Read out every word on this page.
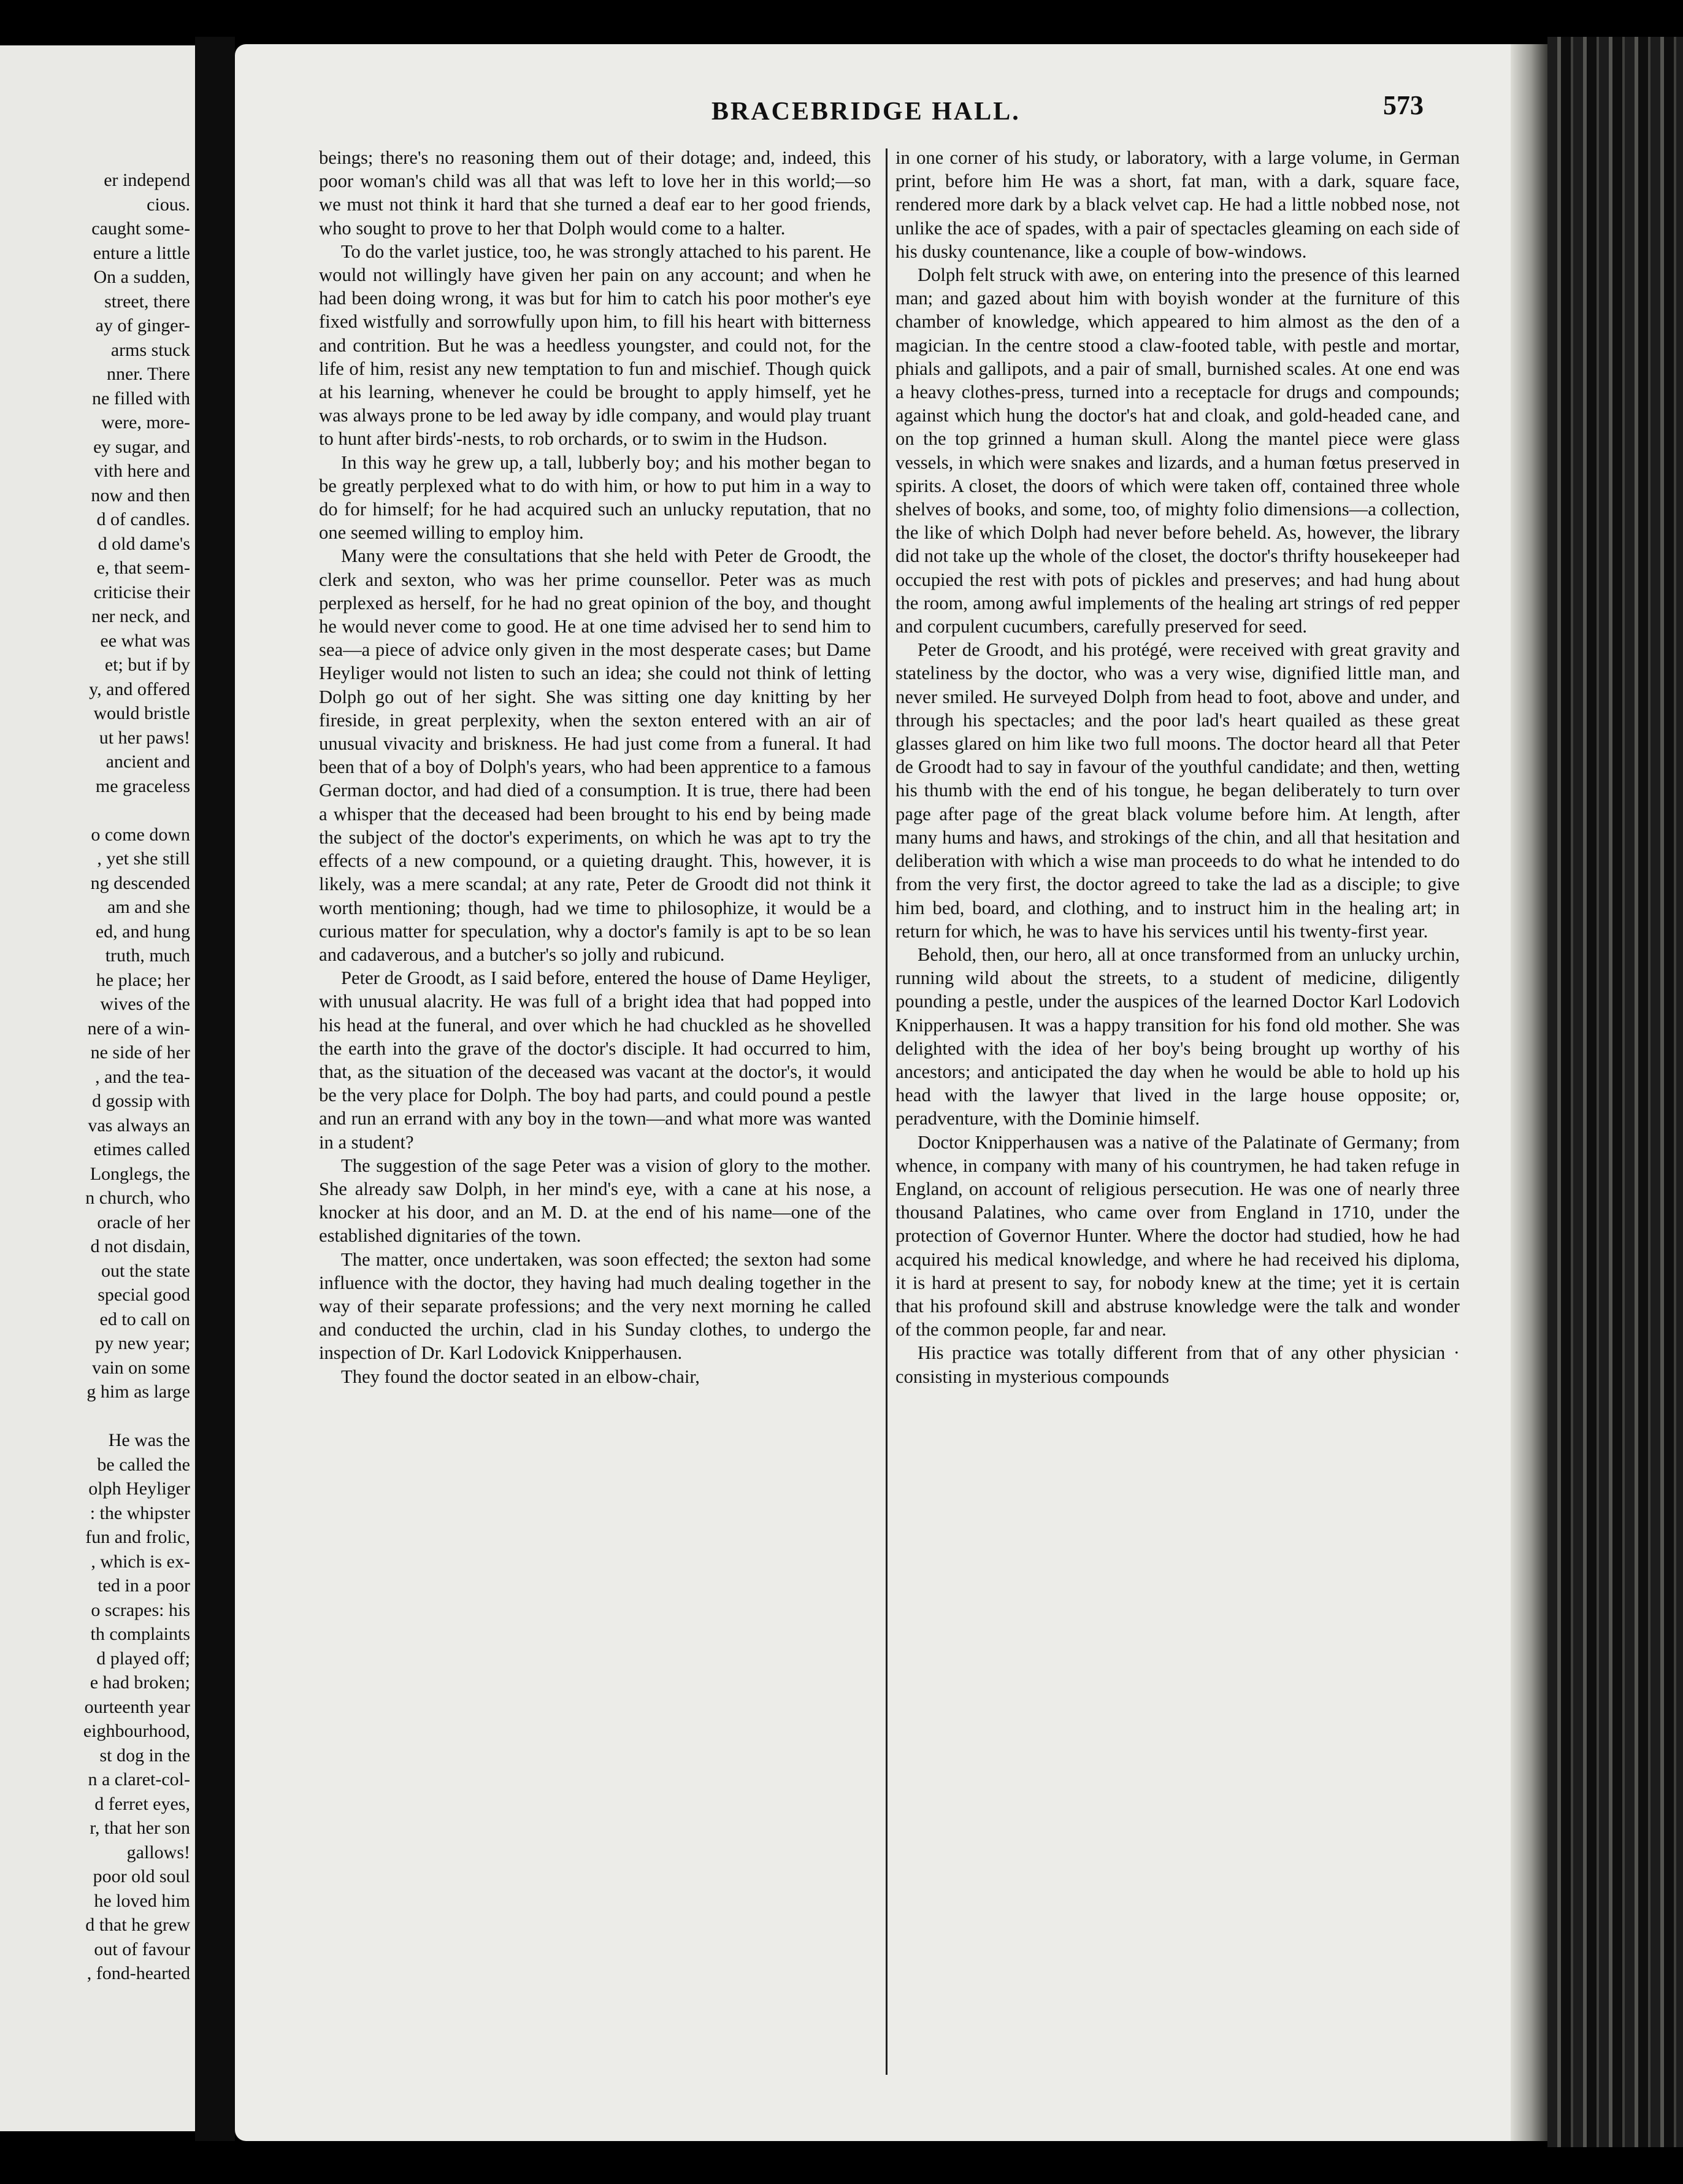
er independ
cious.
caught some-
enture a little
On a sudden,
street, there
ay of ginger-
arms stuck
nner. There
ne filled with
were, more-
ey sugar, and
vith here and
now and then
d of candles.
d old dame's
e, that seem-
criticise their
ner neck, and
ee what was
et; but if by
y, and offered
would bristle
ut her paws!
ancient and
me graceless

o come down
, yet she still
ng descended
am and she
ed, and hung
truth, much
he place; her
wives of the
nere of a win-
ne side of her
, and the tea-
d gossip with
vas always an
etimes called
Longlegs, the
n church, who
oracle of her
d not disdain,
out the state
special good
ed to call on
py new year;
vain on some
g him as large

He was the
be called the
olph Heyliger
: the whipster
fun and frolic,
, which is ex-
ted in a poor
o scrapes: his
th complaints
d played off;
e had broken;
ourteenth year
eighbourhood,
st dog in the
n a claret-col-
d ferret eyes,
r, that her son
gallows!
poor old soul
he loved him
d that he grew
out of favour
, fond-hearted
BRACEBRIDGE HALL.	573

beings; there's no reasoning them out of their dotage; and, indeed, this poor woman's child was all that was left to love her in this world;—so we must not think it hard that she turned a deaf ear to her good friends, who sought to prove to her that Dolph would come to a halter.

To do the varlet justice, too, he was strongly attached to his parent. He would not willingly have given her pain on any account; and when he had been doing wrong, it was but for him to catch his poor mother's eye fixed wistfully and sorrowfully upon him, to fill his heart with bitterness and contrition. But he was a heedless youngster, and could not, for the life of him, resist any new temptation to fun and mischief. Though quick at his learning, whenever he could be brought to apply himself, yet he was always prone to be led away by idle company, and would play truant to hunt after birds'-nests, to rob orchards, or to swim in the Hudson.

In this way he grew up, a tall, lubberly boy; and his mother began to be greatly perplexed what to do with him, or how to put him in a way to do for himself; for he had acquired such an unlucky reputation, that no one seemed willing to employ him.

Many were the consultations that she held with Peter de Groodt, the clerk and sexton, who was her prime counsellor. Peter was as much perplexed as herself, for he had no great opinion of the boy, and thought he would never come to good. He at one time advised her to send him to sea—a piece of advice only given in the most desperate cases; but Dame Heyliger would not listen to such an idea; she could not think of letting Dolph go out of her sight. She was sitting one day knitting by her fireside, in great perplexity, when the sexton entered with an air of unusual vivacity and briskness. He had just come from a funeral. It had been that of a boy of Dolph's years, who had been apprentice to a famous German doctor, and had died of a consumption. It is true, there had been a whisper that the deceased had been brought to his end by being made the subject of the doctor's experiments, on which he was apt to try the effects of a new compound, or a quieting draught. This, however, it is likely, was a mere scandal; at any rate, Peter de Groodt did not think it worth mentioning; though, had we time to philosophize, it would be a curious matter for speculation, why a doctor's family is apt to be so lean and cadaverous, and a butcher's so jolly and rubicund.

Peter de Groodt, as I said before, entered the house of Dame Heyliger, with unusual alacrity. He was full of a bright idea that had popped into his head at the funeral, and over which he had chuckled as he shovelled the earth into the grave of the doctor's disciple. It had occurred to him, that, as the situation of the deceased was vacant at the doctor's, it would be the very place for Dolph. The boy had parts, and could pound a pestle and run an errand with any boy in the town—and what more was wanted in a student?

The suggestion of the sage Peter was a vision of glory to the mother. She already saw Dolph, in her mind's eye, with a cane at his nose, a knocker at his door, and an M. D. at the end of his name—one of the established dignitaries of the town.

The matter, once undertaken, was soon effected; the sexton had some influence with the doctor, they having had much dealing together in the way of their separate professions; and the very next morning he called and conducted the urchin, clad in his Sunday clothes, to undergo the inspection of Dr. Karl Lodovick Knipperhausen.

They found the doctor seated in an elbow-chair,

in one corner of his study, or laboratory, with a large volume, in German print, before him He was a short, fat man, with a dark, square face, rendered more dark by a black velvet cap. He had a little nobbed nose, not unlike the ace of spades, with a pair of spectacles gleaming on each side of his dusky countenance, like a couple of bow-windows.

Dolph felt struck with awe, on entering into the presence of this learned man; and gazed about him with boyish wonder at the furniture of this chamber of knowledge, which appeared to him almost as the den of a magician. In the centre stood a claw-footed table, with pestle and mortar, phials and gallipots, and a pair of small, burnished scales. At one end was a heavy clothes-press, turned into a receptacle for drugs and compounds; against which hung the doctor's hat and cloak, and gold-headed cane, and on the top grinned a human skull. Along the mantel piece were glass vessels, in which were snakes and lizards, and a human fœtus preserved in spirits. A closet, the doors of which were taken off, contained three whole shelves of books, and some, too, of mighty folio dimensions—a collection, the like of which Dolph had never before beheld. As, however, the library did not take up the whole of the closet, the doctor's thrifty housekeeper had occupied the rest with pots of pickles and preserves; and had hung about the room, among awful implements of the healing art strings of red pepper and corpulent cucumbers, carefully preserved for seed.

Peter de Groodt, and his protégé, were received with great gravity and stateliness by the doctor, who was a very wise, dignified little man, and never smiled. He surveyed Dolph from head to foot, above and under, and through his spectacles; and the poor lad's heart quailed as these great glasses glared on him like two full moons. The doctor heard all that Peter de Groodt had to say in favour of the youthful candidate; and then, wetting his thumb with the end of his tongue, he began deliberately to turn over page after page of the great black volume before him. At length, after many hums and haws, and strokings of the chin, and all that hesitation and deliberation with which a wise man proceeds to do what he intended to do from the very first, the doctor agreed to take the lad as a disciple; to give him bed, board, and clothing, and to instruct him in the healing art; in return for which, he was to have his services until his twenty-first year.

Behold, then, our hero, all at once transformed from an unlucky urchin, running wild about the streets, to a student of medicine, diligently pounding a pestle, under the auspices of the learned Doctor Karl Lodovich Knipperhausen. It was a happy transition for his fond old mother. She was delighted with the idea of her boy's being brought up worthy of his ancestors; and anticipated the day when he would be able to hold up his head with the lawyer that lived in the large house opposite; or, peradventure, with the Dominie himself.

Doctor Knipperhausen was a native of the Palatinate of Germany; from whence, in company with many of his countrymen, he had taken refuge in England, on account of religious persecution. He was one of nearly three thousand Palatines, who came over from England in 1710, under the protection of Governor Hunter. Where the doctor had studied, how he had acquired his medical knowledge, and where he had received his diploma, it is hard at present to say, for nobody knew at the time; yet it is certain that his profound skill and abstruse knowledge were the talk and wonder of the common people, far and near.

His practice was totally different from that of any other physician · consisting in mysterious compounds
